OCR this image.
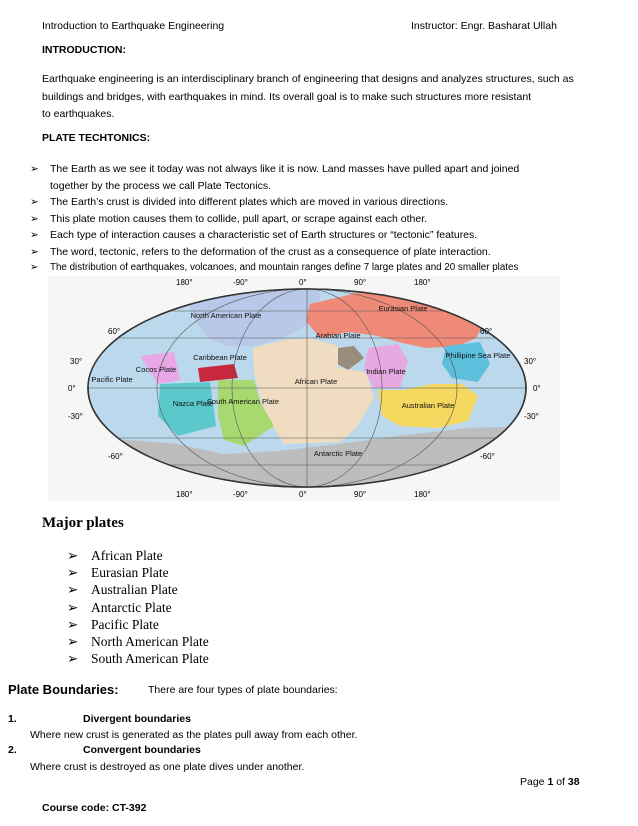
Introduction to Earthquake Engineering	Instructor: Engr. Basharat Ullah
INTRODUCTION:
Earthquake engineering is an interdisciplinary branch of engineering that designs and analyzes structures, such as
buildings and bridges, with earthquakes in mind. Its overall goal is to make such structures more resistant
to earthquakes.
PLATE TECHTONICS:
➢ The Earth as we see it today was not always like it is now. Land masses have pulled apart and joined
together by the process we call Plate Tectonics.
➢ The Earth’s crust is divided into different plates which are moved in various directions.
➢ This plate motion causes them to collide, pull apart, or scrape against each other.
➢ Each type of interaction causes a characteristic set of Earth structures or “tectonic” features.
➢ The word, tectonic, refers to the deformation of the crust as a consequence of plate interaction.
➢ The distribution of earthquakes, volcanoes, and mountain ranges define 7 large plates and 20 smaller plates
180°	-90°	0°	90°	180°
180°	-90°	0°	90°	180°
60°
30°
0°
-30°
-60°
60°
30°
0°
-30°
-60°
North American Plate
Eurasian Plate
Arabian Plate
Caribbean Plate
Cocos Plate
Pacific Plate	African Plate
Indian Plate
Phillipine Sea Plate
Nazca Plate
South American Plate	Australian Plate
Antarctic Plate
Major plates
➢ African Plate
➢ Eurasian Plate
➢ Australian Plate
➢ Antarctic Plate
➢ Pacific Plate
➢ North American Plate
➢ South American Plate
Plate Boundaries:	There are four types of plate boundaries:
1.	Divergent boundaries
Where new crust is generated as the plates pull away from each other.
2.	Convergent boundaries
Where crust is destroyed as one plate dives under another.
Page 1 of 38
Course code: CT-392
